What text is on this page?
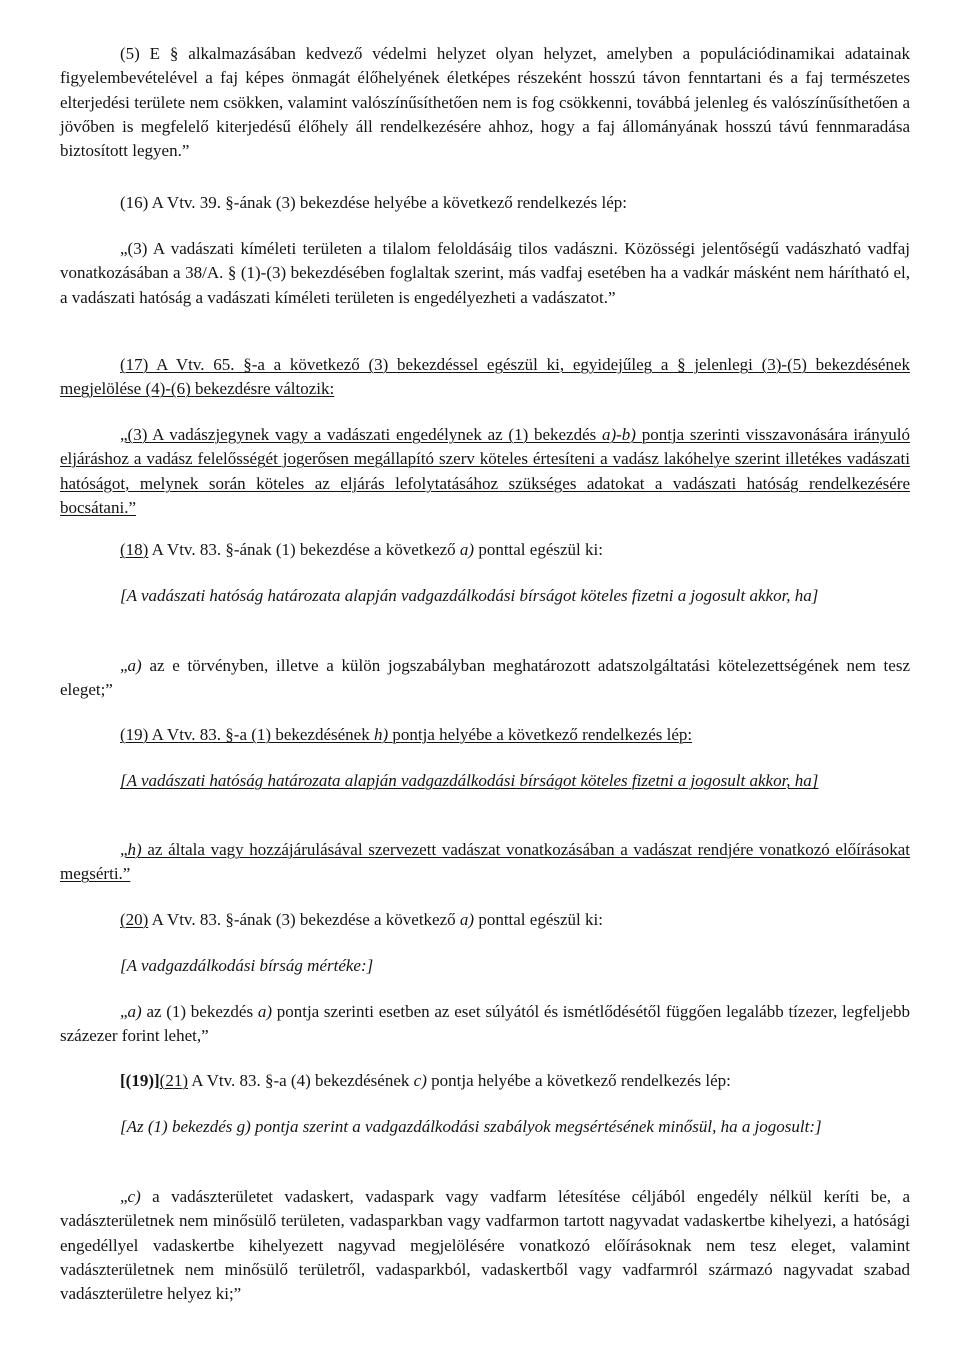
(5) E § alkalmazásában kedvező védelmi helyzet olyan helyzet, amelyben a populációdinamikai adatainak figyelembevételével a faj képes önmagát élőhelyének életképes részeként hosszú távon fenntartani és a faj természetes elterjedési területe nem csökken, valamint valószínűsíthetően nem is fog csökkenni, továbbá jelenleg és valószínűsíthetően a jövőben is megfelelő kiterjedésű élőhely áll rendelkezésére ahhoz, hogy a faj állományának hosszú távú fennmaradása biztosított legyen.”

(16) A Vtv. 39. §-ának (3) bekezdése helyébe a következő rendelkezés lép:

„(3) A vadászati kíméleti területen a tilalom feloldásáig tilos vadászni. Közösségi jelentőségű vadászható vadfaj vonatkozásában a 38/A. § (1)-(3) bekezdésében foglaltak szerint, más vadfaj esetében ha a vadkár másként nem hárítható el, a vadászati hatóság a vadászati kíméleti területen is engedélyezheti a vadászatot.”

(17) A Vtv. 65. §-a a következő (3) bekezdéssel egészül ki, egyidejűleg a § jelenlegi (3)-(5) bekezdésének megjelölése (4)-(6) bekezdésre változik:

„(3) A vadászjegynek vagy a vadászati engedélynek az (1) bekezdés a)-b) pontja szerinti visszavonására irányuló eljáráshoz a vadász felelősségét jogerősen megállapító szerv köteles értesíteni a vadász lakóhelye szerint illetékes vadászati hatóságot, melynek során köteles az eljárás lefolytatásához szükséges adatokat a vadászati hatóság rendelkezésére bocsátani.”

(18) A Vtv. 83. §-ának (1) bekezdése a következő a) ponttal egészül ki:

[A vadászati hatóság határozata alapján vadgazdálkodási bírságot köteles fizetni a jogosult akkor, ha]

„a) az e törvényben, illetve a külön jogszabályban meghatározott adatszolgáltatási kötelezettségének nem tesz eleget;”

(19) A Vtv. 83. §-a (1) bekezdésének h) pontja helyébe a következő rendelkezés lép:

[A vadászati hatóság határozata alapján vadgazdálkodási bírságot köteles fizetni a jogosult akkor, ha]

„h) az általa vagy hozzájárulásával szervezett vadászat vonatkozásában a vadászat rendjére vonatkozó előírásokat megsérti.”

(20) A Vtv. 83. §-ának (3) bekezdése a következő a) ponttal egészül ki:

[A vadgazdálkodási bírság mértéke:]

„a) az (1) bekezdés a) pontja szerinti esetben az eset súlyától és ismétlődésétől függően legalább tízezer, legfeljebb százezer forint lehet,”

[(19)](21) A Vtv. 83. §-a (4) bekezdésének c) pontja helyébe a következő rendelkezés lép:

[Az (1) bekezdés g) pontja szerint a vadgazdálkodási szabályok megsértésének minősül, ha a jogosult:]

„c) a vadászterületet vadaskert, vadaspark vagy vadfarm létesítése céljából engedély nélkül keríti be, a vadászterületnek nem minősülő területen, vadasparkban vagy vadfarmon tartott nagyvadat vadaskertbe kihelyezi, a hatósági engedéllyel vadaskertbe kihelyezett nagyvad megjelölésére vonatkozó előírásoknak nem tesz eleget, valamint vadászterületnek nem minősülő területről, vadasparkból, vadaskertből vagy vadfarmról származó nagyvadat szabad vadászterületre helyez ki;”
